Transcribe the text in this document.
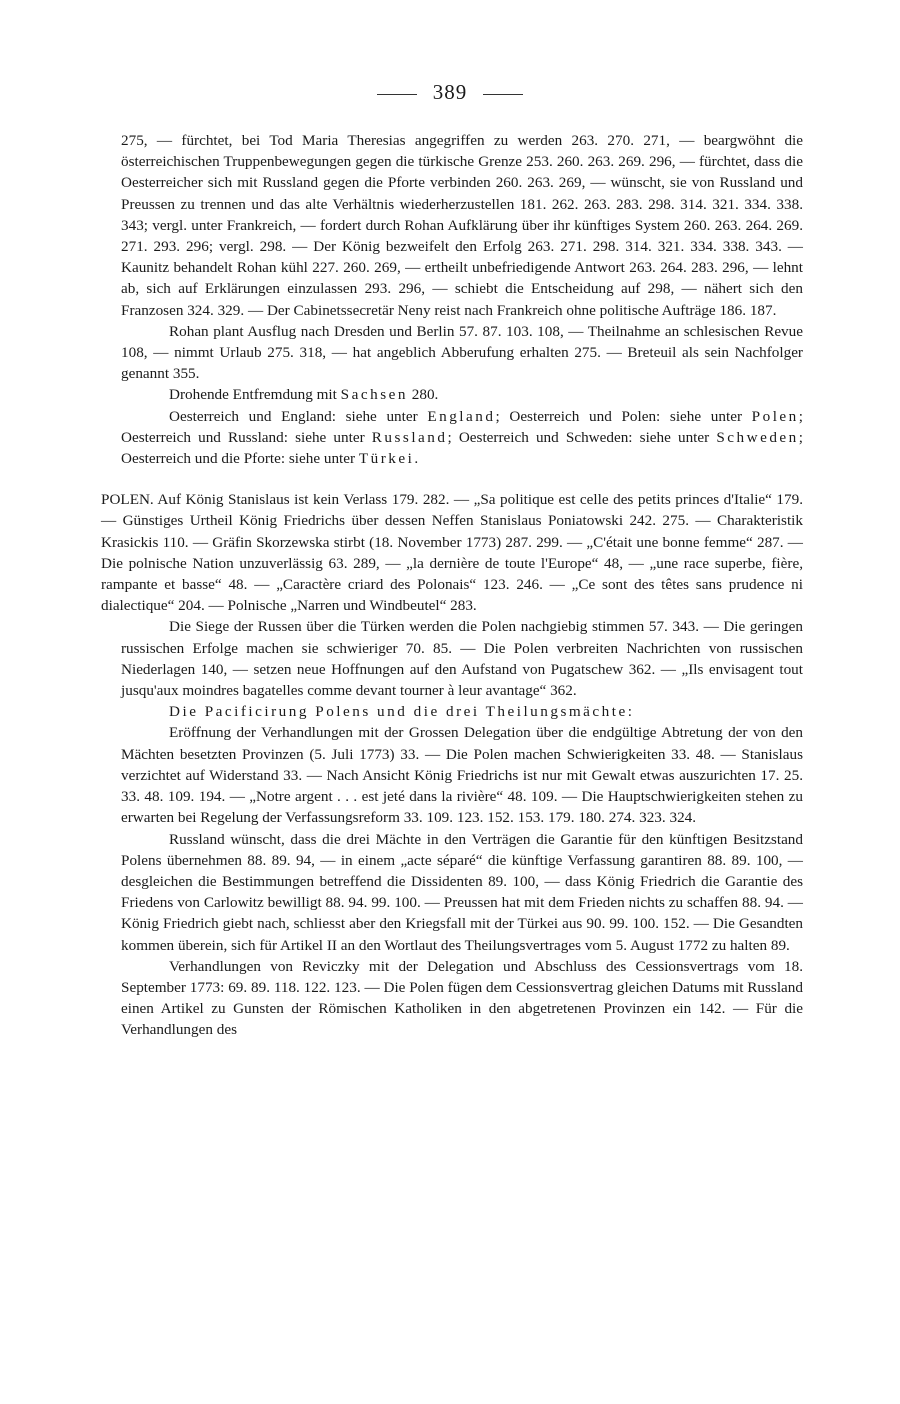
389

275, — fürchtet, bei Tod Maria Theresias angegriffen zu werden 263. 270. 271, — beargwöhnt die österreichischen Truppenbewegungen gegen die türkische Grenze 253. 260. 263. 269. 296, — fürchtet, dass die Oesterreicher sich mit Russland gegen die Pforte verbinden 260. 263. 269, — wünscht, sie von Russland und Preussen zu trennen und das alte Verhältnis wiederherzustellen 181. 262. 263. 283. 298. 314. 321. 334. 338. 343; vergl. unter Frankreich, — fordert durch Rohan Aufklärung über ihr künftiges System 260. 263. 264. 269. 271. 293. 296; vergl. 298. — Der König bezweifelt den Erfolg 263. 271. 298. 314. 321. 334. 338. 343. — Kaunitz behandelt Rohan kühl 227. 260. 269, — ertheilt unbefriedigende Antwort 263. 264. 283. 296, — lehnt ab, sich auf Erklärungen einzulassen 293. 296, — schiebt die Entscheidung auf 298, — nähert sich den Franzosen 324. 329. — Der Cabinetssecretär Neny reist nach Frankreich ohne politische Aufträge 186. 187.

Rohan plant Ausflug nach Dresden und Berlin 57. 87. 103. 108, — Theilnahme an schlesischen Revue 108, — nimmt Urlaub 275. 318, — hat angeblich Abberufung erhalten 275. — Breteuil als sein Nachfolger genannt 355.

Drohende Entfremdung mit Sachsen 280.

Oesterreich und England: siehe unter England; Oesterreich und Polen: siehe unter Polen; Oesterreich und Russland: siehe unter Russland; Oesterreich und Schweden: siehe unter Schweden; Oesterreich und die Pforte: siehe unter Türkei.

POLEN. Auf König Stanislaus ist kein Verlass 179. 282. — „Sa politique est celle des petits princes d'Italie“ 179. — Günstiges Urtheil König Friedrichs über dessen Neffen Stanislaus Poniatowski 242. 275. — Charakteristik Krasickis 110. — Gräfin Skorzewska stirbt (18. November 1773) 287. 299. — „C'était une bonne femme“ 287. — Die polnische Nation unzuverlässig 63. 289, — „la dernière de toute l'Europe“ 48, — „une race superbe, fière, rampante et basse“ 48. — „Caractère criard des Polonais“ 123. 246. — „Ce sont des têtes sans prudence ni dialectique“ 204. — Polnische „Narren und Windbeutel“ 283.

Die Siege der Russen über die Türken werden die Polen nachgiebig stimmen 57. 343. — Die geringen russischen Erfolge machen sie schwieriger 70. 85. — Die Polen verbreiten Nachrichten von russischen Niederlagen 140, — setzen neue Hoffnungen auf den Aufstand von Pugatschew 362. — „Ils envisagent tout jusqu'aux moindres bagatelles comme devant tourner à leur avantage“ 362.

Die Pacificirung Polens und die drei Theilungsmächte:

Eröffnung der Verhandlungen mit der Grossen Delegation über die endgültige Abtretung der von den Mächten besetzten Provinzen (5. Juli 1773) 33. — Die Polen machen Schwierigkeiten 33. 48. — Stanislaus verzichtet auf Widerstand 33. — Nach Ansicht König Friedrichs ist nur mit Gewalt etwas auszurichten 17. 25. 33. 48. 109. 194. — „Notre argent . . . est jeté dans la rivière“ 48. 109. — Die Hauptschwierigkeiten stehen zu erwarten bei Regelung der Verfassungsreform 33. 109. 123. 152. 153. 179. 180. 274. 323. 324.

Russland wünscht, dass die drei Mächte in den Verträgen die Garantie für den künftigen Besitzstand Polens übernehmen 88. 89. 94, — in einem „acte séparé“ die künftige Verfassung garantiren 88. 89. 100, — desgleichen die Bestimmungen betreffend die Dissidenten 89. 100, — dass König Friedrich die Garantie des Friedens von Carlowitz bewilligt 88. 94. 99. 100. — Preussen hat mit dem Frieden nichts zu schaffen 88. 94. — König Friedrich giebt nach, schliesst aber den Kriegsfall mit der Türkei aus 90. 99. 100. 152. — Die Gesandten kommen überein, sich für Artikel II an den Wortlaut des Theilungsvertrages vom 5. August 1772 zu halten 89.

Verhandlungen von Reviczky mit der Delegation und Abschluss des Cessionsvertrags vom 18. September 1773: 69. 89. 118. 122. 123. — Die Polen fügen dem Cessionsvertrag gleichen Datums mit Russland einen Artikel zu Gunsten der Römischen Katholiken in den abgetretenen Provinzen ein 142. — Für die Verhandlungen des
